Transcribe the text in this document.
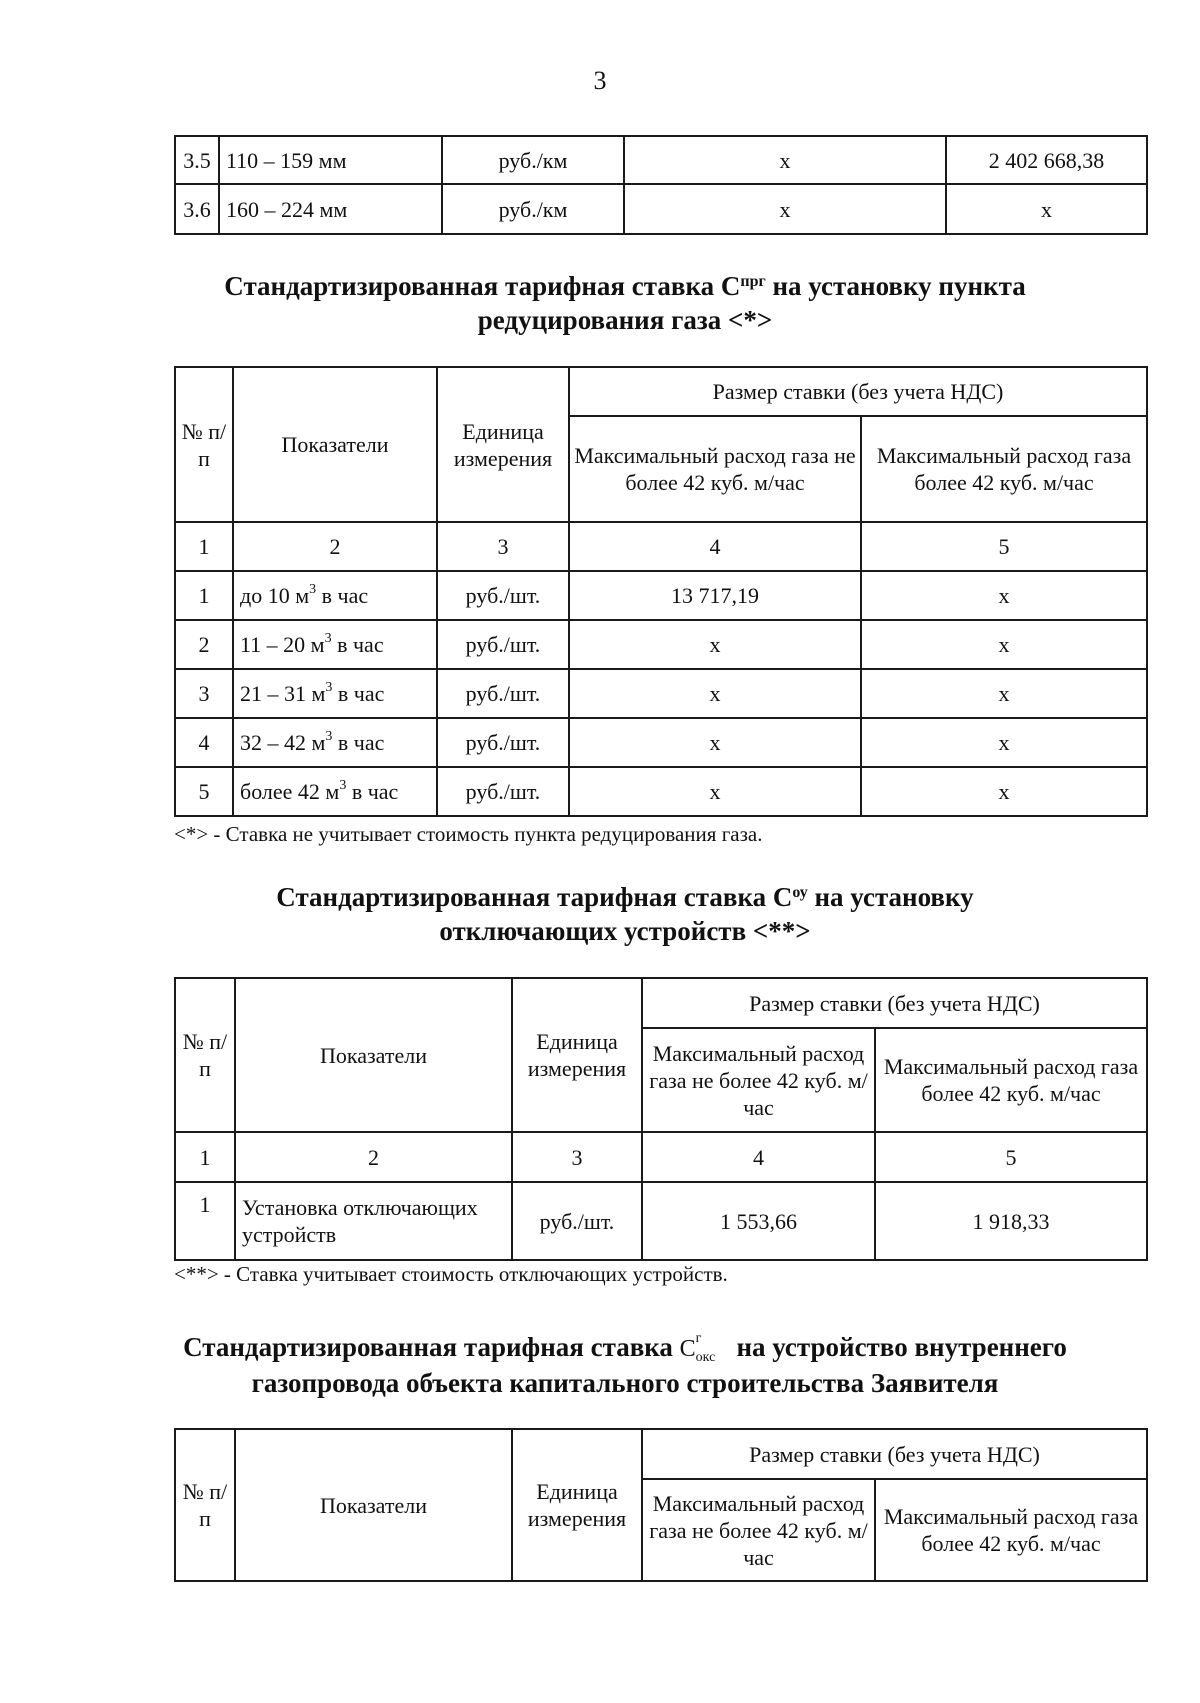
3
3.5	110 – 159 мм	руб./км	х	2 402 668,38
3.6	160 – 224 мм	руб./км	х	х
Стандартизированная тарифная ставка $С^{прг}$ на установку пункта
редуцирования газа <*>
№ п/п	Показатели	Единица измерения	Размер ставки (без учета НДС)	
			Максимальный расход газа не более 42 куб. м/час	Максимальный расход газа более 42 куб. м/час
1	2	3	4	5
1	до 10 $м^3$ в час	руб./шт.	13 717,19	х
2	11 – 20 $м^3$ в час	руб./шт.	х	х
3	21 – 31 $м^3$ в час	руб./шт.	х	х
4	32 – 42 $м^3$ в час	руб./шт.	х	х
5	более 42 $м^3$ в час	руб./шт.	х	х
<*> - Ставка не учитывает стоимость пункта редуцирования газа.
Стандартизированная тарифная ставка $С^{оу}$ на установку
отключающих устройств <**>
№ п/п	Показатели	Единица измерения	Размер ставки (без учета НДС)	
			Максимальный расход газа не более 42 куб. м/час	Максимальный расход газа более 42 куб. м/час
1	2	3	4	5
1	Установка отключающих устройств	руб./шт.	1 553,66	1 918,33
<**> - Ставка учитывает стоимость отключающих устройств.
Стандартизированная тарифная ставка С г
окс на устройство внутреннего
газопровода объекта капитального строительства Заявителя
№ п/п	Показатели	Единица измерения	Размер ставки (без учета НДС)	
			Максимальный расход газа не более 42 куб. м/час	Максимальный расход газа более 42 куб. м/час
